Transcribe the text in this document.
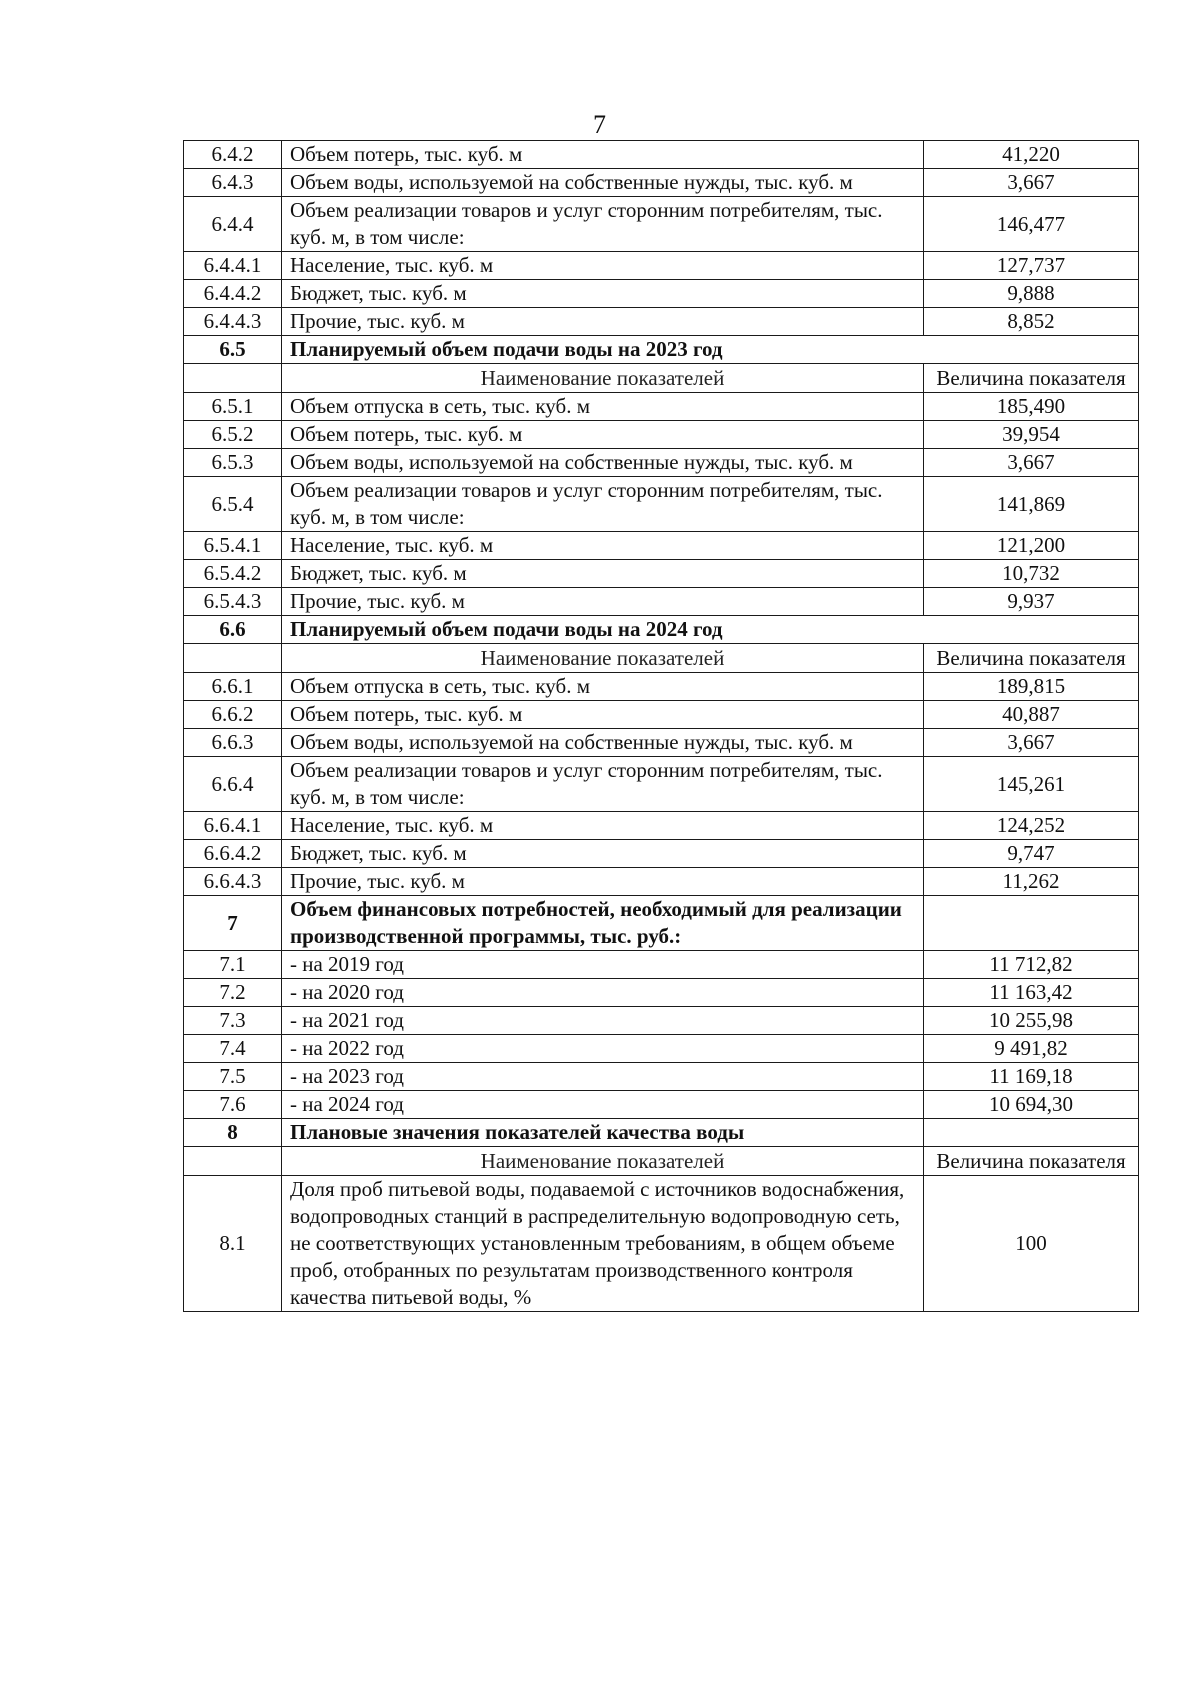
7
6.4.2	Объем потерь, тыс. куб. м	41,220
6.4.3	Объем воды, используемой на собственные нужды, тыс. куб. м	3,667
6.4.4	Объем реализации товаров и услуг сторонним потребителям, тыс. куб. м, в том числе:	146,477
6.4.4.1	Население, тыс. куб. м	127,737
6.4.4.2	Бюджет, тыс. куб. м	9,888
6.4.4.3	Прочие, тыс. куб. м	8,852
6.5	Планируемый объем подачи воды на 2023 год	
	Наименование показателей	Величина показателя
6.5.1	Объем отпуска в сеть, тыс. куб. м	185,490
6.5.2	Объем потерь, тыс. куб. м	39,954
6.5.3	Объем воды, используемой на собственные нужды, тыс. куб. м	3,667
6.5.4	Объем реализации товаров и услуг сторонним потребителям, тыс. куб. м, в том числе:	141,869
6.5.4.1	Население, тыс. куб. м	121,200
6.5.4.2	Бюджет, тыс. куб. м	10,732
6.5.4.3	Прочие, тыс. куб. м	9,937
6.6	Планируемый объем подачи воды на 2024 год	
	Наименование показателей	Величина показателя
6.6.1	Объем отпуска в сеть, тыс. куб. м	189,815
6.6.2	Объем потерь, тыс. куб. м	40,887
6.6.3	Объем воды, используемой на собственные нужды, тыс. куб. м	3,667
6.6.4	Объем реализации товаров и услуг сторонним потребителям, тыс. куб. м, в том числе:	145,261
6.6.4.1	Население, тыс. куб. м	124,252
6.6.4.2	Бюджет, тыс. куб. м	9,747
6.6.4.3	Прочие, тыс. куб. м	11,262
7	Объем финансовых потребностей, необходимый для реализации производственной программы, тыс. руб.:	
7.1	- на 2019 год	11 712,82
7.2	- на 2020 год	11 163,42
7.3	- на 2021 год	10 255,98
7.4	- на 2022 год	9 491,82
7.5	- на 2023 год	11 169,18
7.6	- на 2024 год	10 694,30
8	Плановые значения показателей качества воды	
	Наименование показателей	Величина показателя
8.1	Доля проб питьевой воды, подаваемой с источников водоснабжения, водопроводных станций в распределительную водопроводную сеть, не соответствующих установленным требованиям, в общем объеме проб, отобранных по результатам производственного контроля качества питьевой воды, %	100
